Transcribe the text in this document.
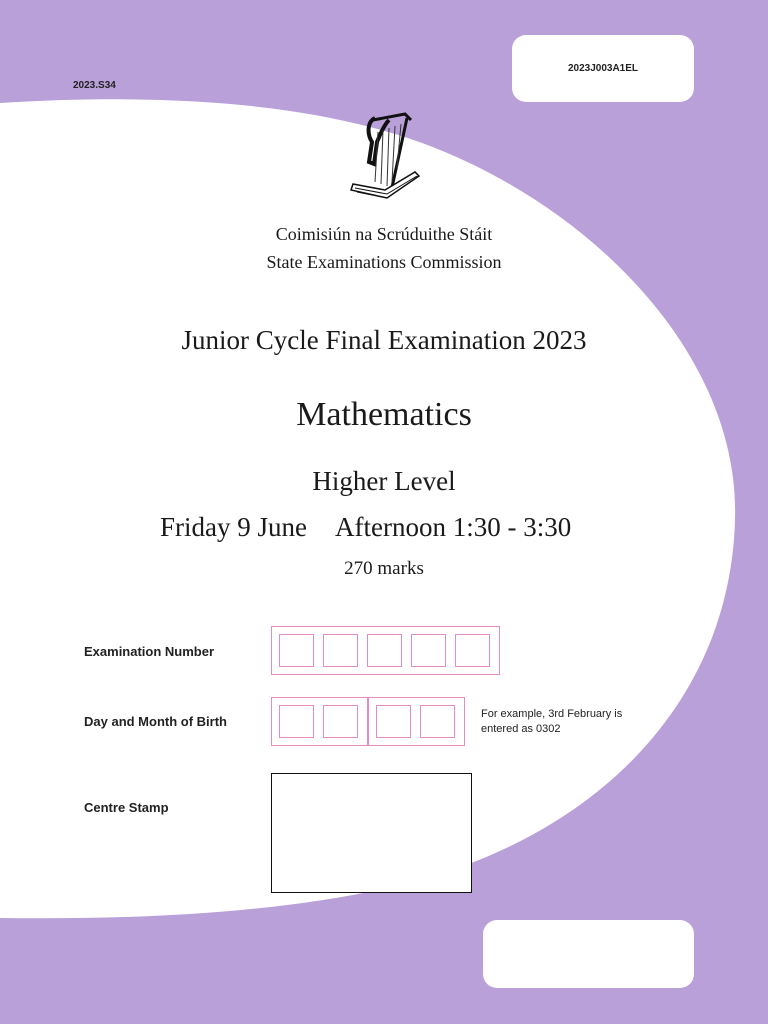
2023.S34
2023J003A1EL
Coimisiún na Scrúduithe Stáit
State Examinations Commission
Junior Cycle Final Examination 2023
Mathematics
Higher Level
Friday 9 June Afternoon 1:30 - 3:30
270 marks
Examination Number
Day and Month of Birth	For example, 3rd February is entered as 0302
Centre Stamp
